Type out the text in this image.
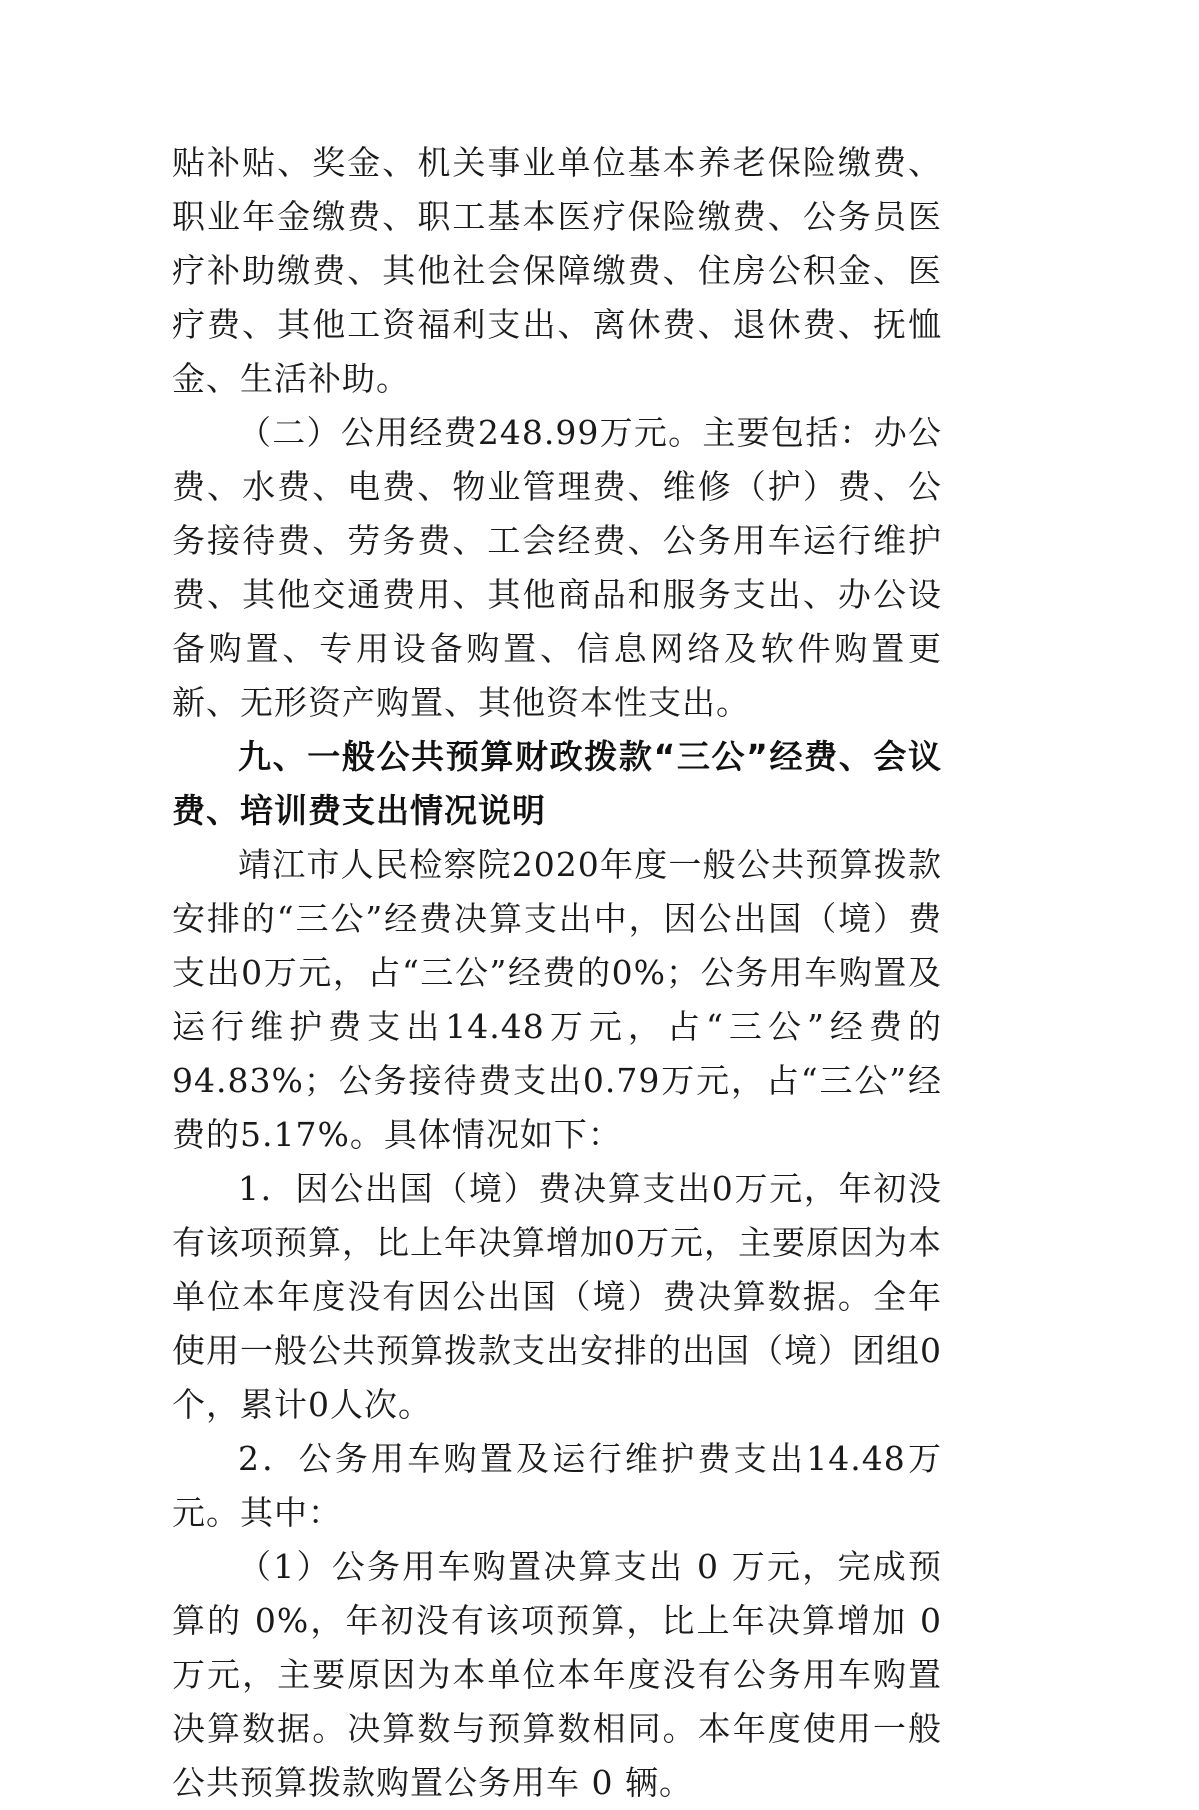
贴补贴、奖金、机关事业单位基本养老保险缴费、职业年金缴费、职工基本医疗保险缴费、公务员医疗补助缴费、其他社会保障缴费、住房公积金、医疗费、其他工资福利支出、离休费、退休费、抚恤金、生活补助。

（二）公用经费248.99万元。主要包括：办公费、水费、电费、物业管理费、维修（护）费、公务接待费、劳务费、工会经费、公务用车运行维护费、其他交通费用、其他商品和服务支出、办公设备购置、专用设备购置、信息网络及软件购置更新、无形资产购置、其他资本性支出。

九、一般公共预算财政拨款“三公”经费、会议费、培训费支出情况说明

靖江市人民检察院2020年度一般公共预算拨款安排的“三公”经费决算支出中，因公出国（境）费支出0万元，占“三公”经费的0%；公务用车购置及运行维护费支出14.48万元，占“三公”经费的94.83%；公务接待费支出0.79万元，占“三公”经费的5.17%。具体情况如下：

1．因公出国（境）费决算支出0万元，年初没有该项预算，比上年决算增加0万元，主要原因为本单位本年度没有因公出国（境）费决算数据。全年使用一般公共预算拨款支出安排的出国（境）团组0个，累计0人次。

2．公务用车购置及运行维护费支出14.48万元。其中：

（1）公务用车购置决算支出 0 万元，完成预算的 0%，年初没有该项预算，比上年决算增加 0 万元，主要原因为本单位本年度没有公务用车购置决算数据。决算数与预算数相同。本年度使用一般公共预算拨款购置公务用车 0 辆。
